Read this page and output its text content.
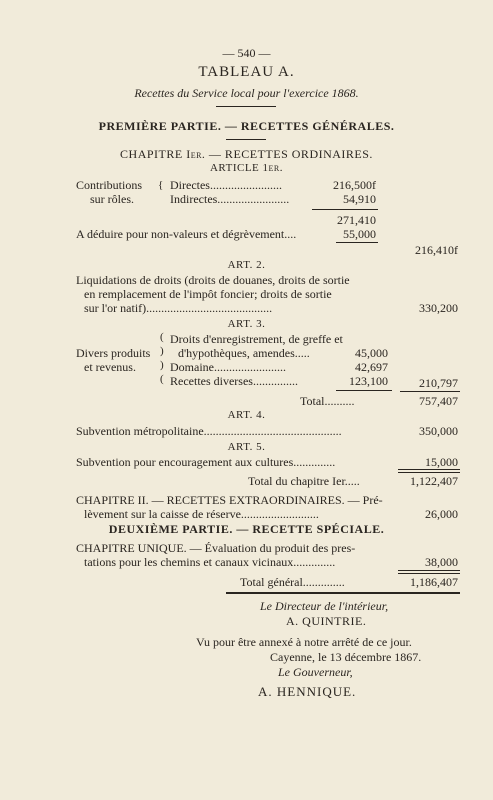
— 540 —
TABLEAU A.
Recettes du Service local pour l'exercice 1868.
PREMIÈRE PARTIE. — RECETTES GÉNÉRALES.
CHAPITRE Ier. — RECETTES ORDINAIRES.
ARTICLE 1er.
Contributions
sur rôles.
{ Directes........................	216,500f
Indirectes........................	54,910
271,410
A déduire pour non-valeurs et dégrèvement....	55,000
216,410f
ART. 2.
Liquidations de droits (droits de douanes, droits de sortie
en remplacement de l'impôt foncier; droits de sortie
sur l'or natif)..........................................	330,200
ART. 3.
(
)
)
(
Divers produits
et revenus.
Droits d'enregistrement, de greffe et
d'hypothèques, amendes.....	45,000
Domaine........................	42,697
Recettes diverses...............	123,100	210,797
Total..........	757,407
ART. 4.
Subvention métropolitaine..............................................	350,000
ART. 5.
Subvention pour encouragement aux cultures..............	15,000
Total du chapitre Ier.....	1,122,407
CHAPITRE II. — RECETTES EXTRAORDINAIRES. — Pré-
lèvement sur la caisse de réserve..........................	26,000
DEUXIÈME PARTIE. — RECETTE SPÉCIALE.
CHAPITRE UNIQUE. — Évaluation du produit des pres-
tations pour les chemins et canaux vicinaux..............	38,000
Total général..............	1,186,407
Le Directeur de l'intérieur,
A. QUINTRIE.
Vu pour être annexé à notre arrêté de ce jour.
Cayenne, le 13 décembre 1867.
Le Gouverneur,
A. HENNIQUE.
